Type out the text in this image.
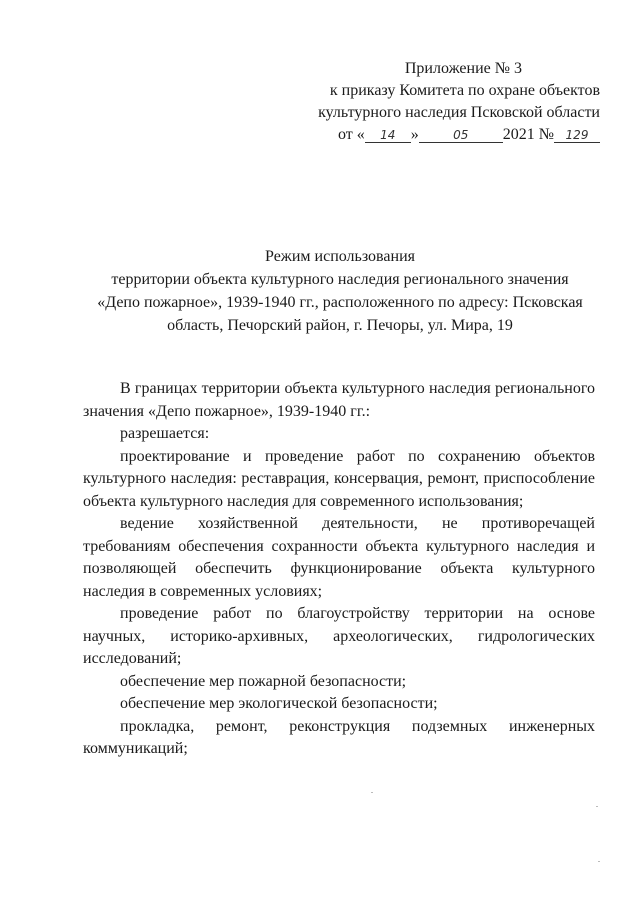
Приложение № 3
к приказу Комитета по охране объектов
культурного наследия Псковской области
от « 14 »	05 2021 № 129
Режим использования
территории объекта культурного наследия регионального значения
«Депо пожарное», 1939-1940 гг., расположенного по адресу: Псковская
область, Печорский район, г. Печоры, ул. Мира, 19

В границах территории объекта культурного наследия регионального значения «Депо пожарное», 1939-1940 гг.:

разрешается:

проектирование и проведение работ по сохранению объектов культурного наследия: реставрация, консервация, ремонт, приспособление объекта культурного наследия для современного использования;

ведение хозяйственной деятельности, не противоречащей требованиям обеспечения сохранности объекта культурного наследия и позволяющей обеспечить функционирование объекта культурного наследия в современных условиях;

проведение работ по благоустройству территории на основе научных, историко-архивных, археологических, гидрологических исследований;

обеспечение мер пожарной безопасности;

обеспечение мер экологической безопасности;

прокладка, ремонт, реконструкция подземных инженерных коммуникаций;
